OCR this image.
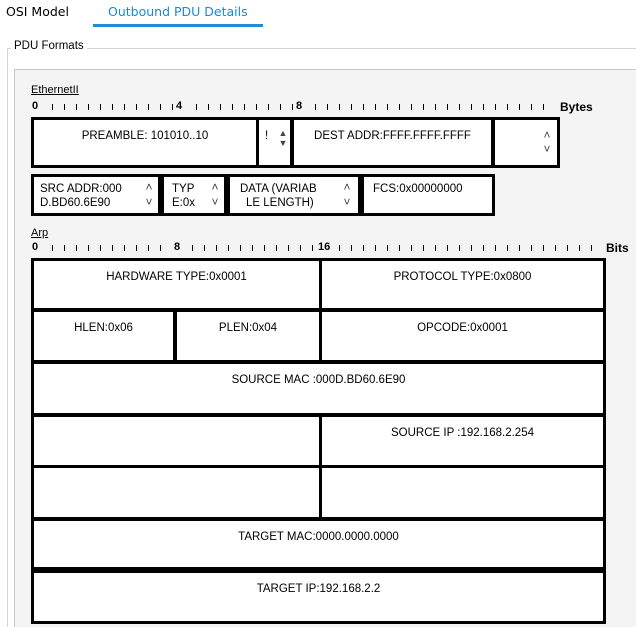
OSI Model	Outbound PDU Details
PDU Formats
EthernetII
0	4	8	Bytes
PREAMBLE: 101010..10	! ▲
▼
DEST ADDR:FFFF.FFFF.FFFF	˄
˅
SRC ADDR:000
D.BD60.6E90
˄
˅
TYP
E:0x
˄
˅
DATA (VARIAB
LE LENGTH)
˄
˅
FCS:0x00000000
Arp
0	8	16	Bits
HARDWARE TYPE:0x0001	PROTOCOL TYPE:0x0800
HLEN:0x06	PLEN:0x04	OPCODE:0x0001
SOURCE MAC :000D.BD60.6E90
SOURCE IP :192.168.2.254
TARGET MAC:0000.0000.0000
TARGET IP:192.168.2.2
